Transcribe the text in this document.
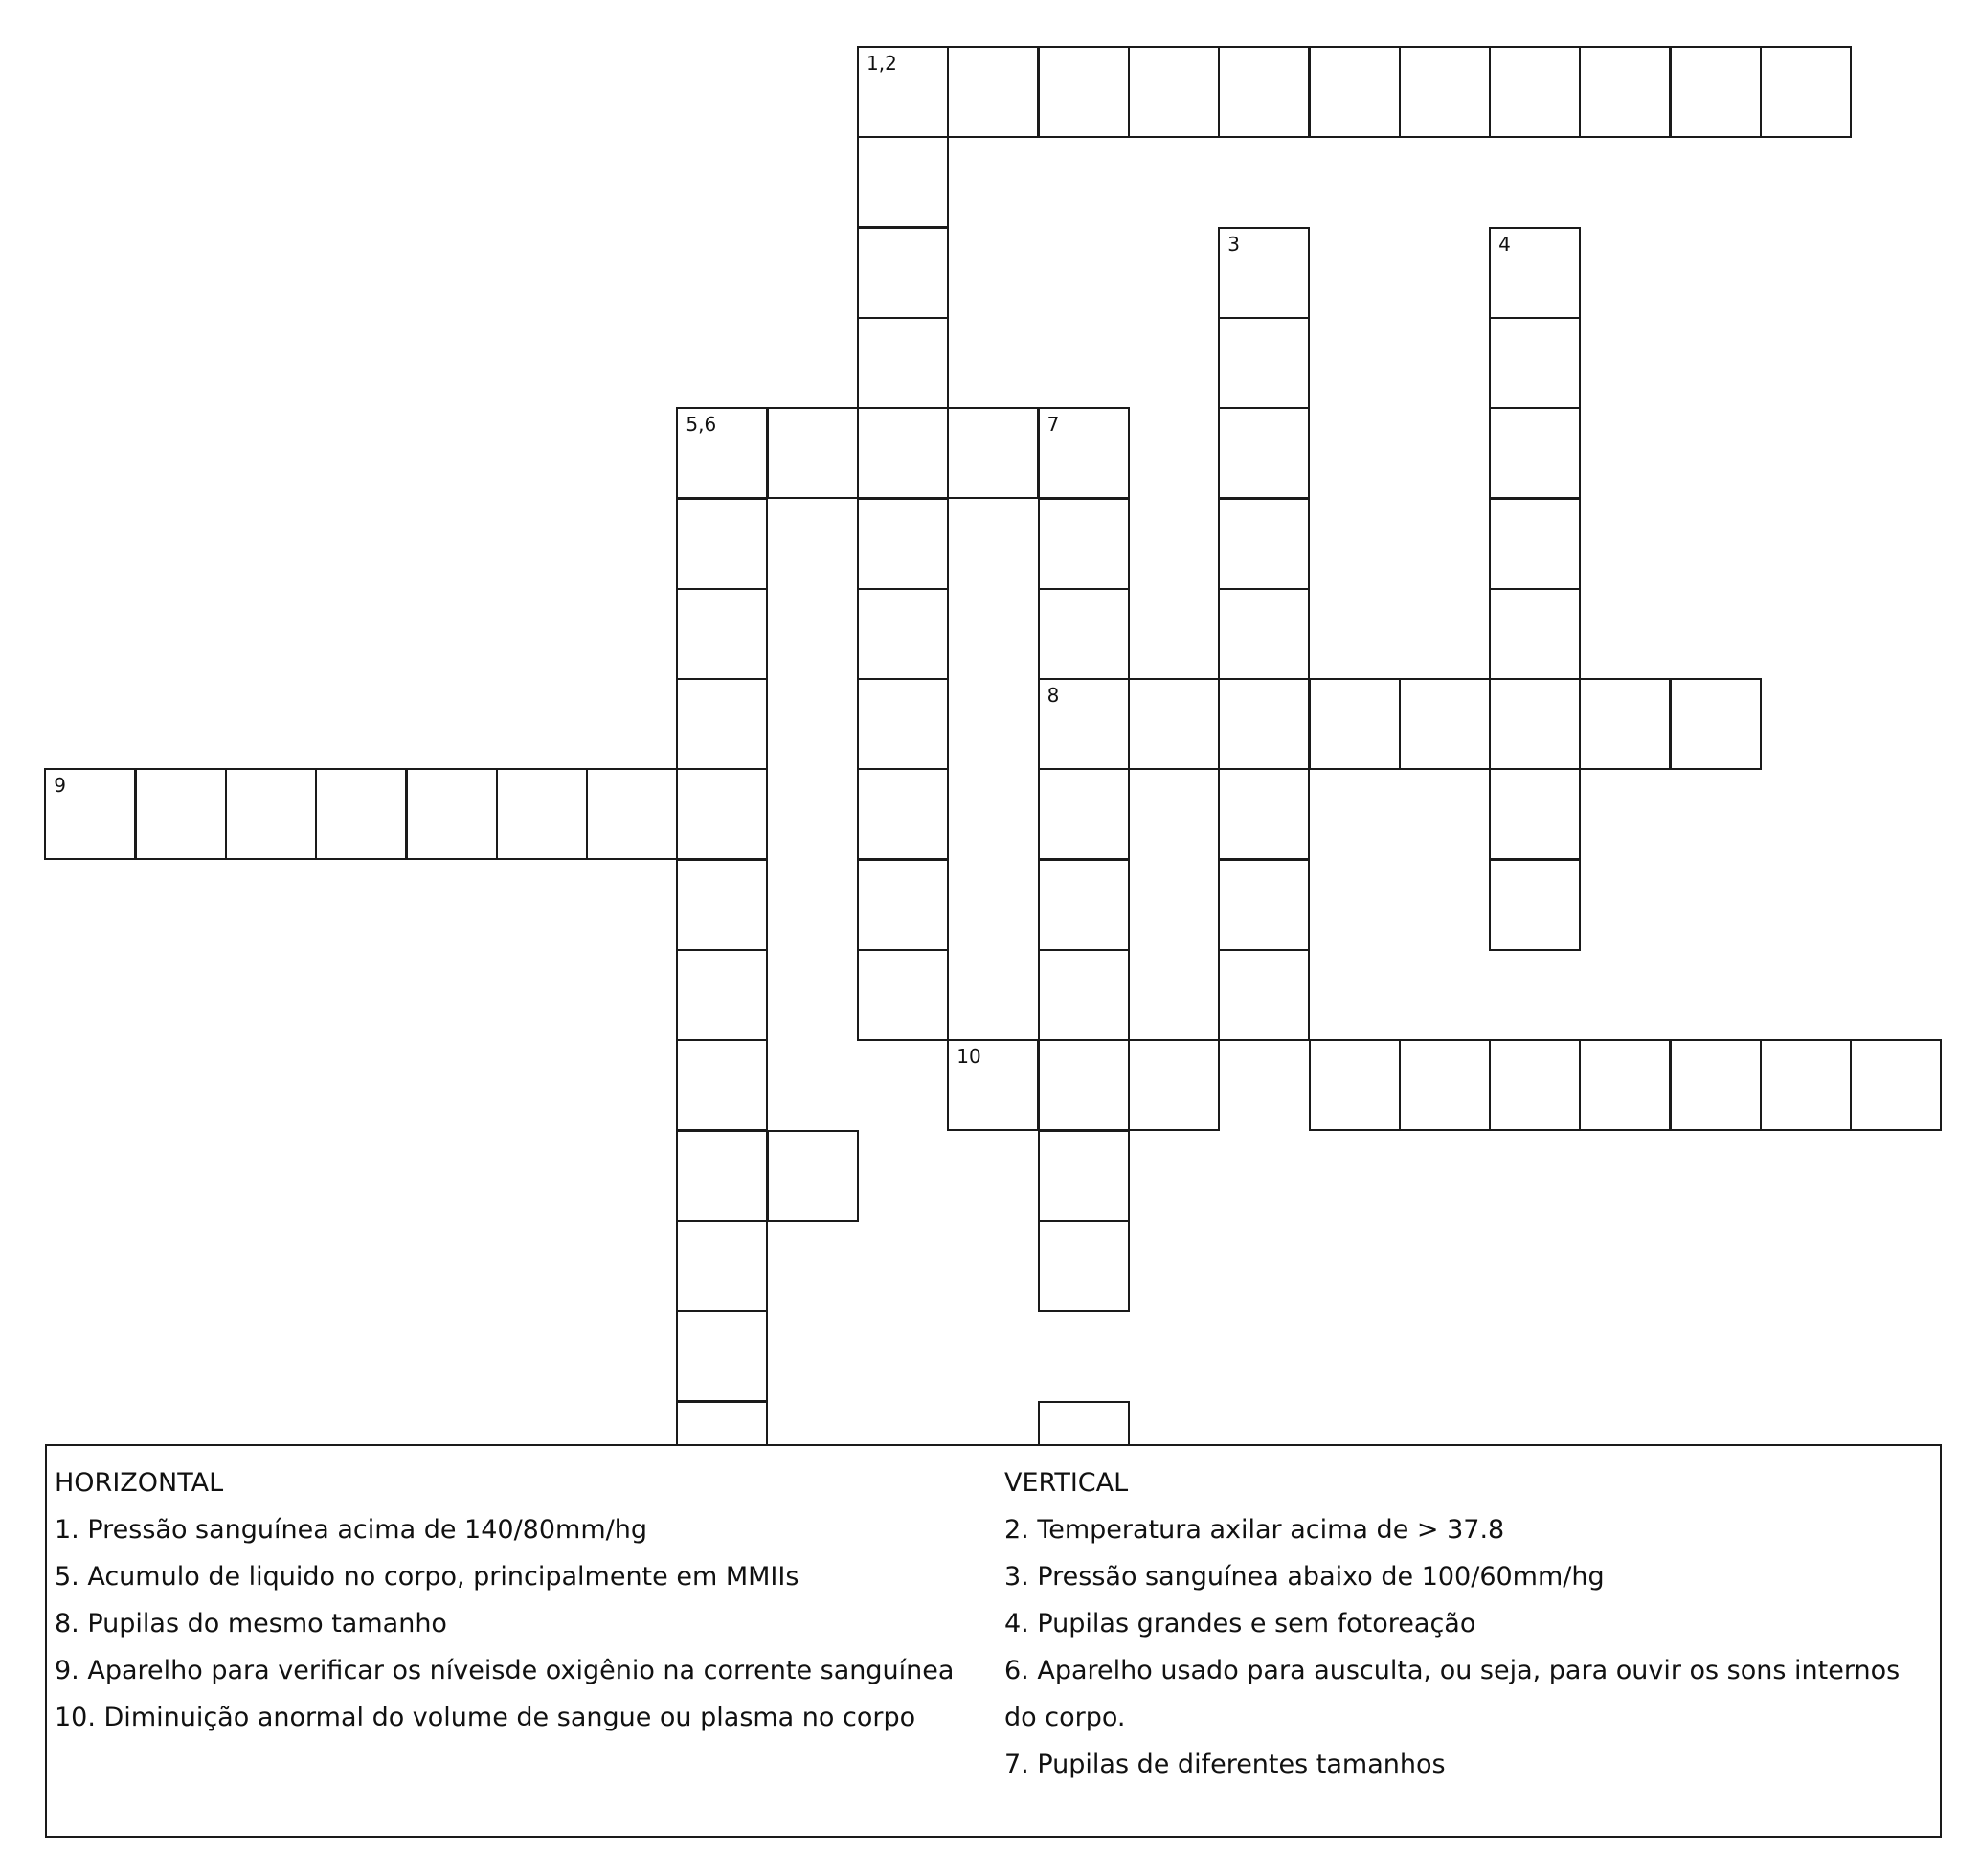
1,2
5,6
3	4
8
10
9
7
HORIZONTAL
1. Pressão sanguínea acima de 140/80mm/hg
5. Acumulo de liquido no corpo, principalmente em MMIIs
8. Pupilas do mesmo tamanho
9. Aparelho para verificar os níveisde oxigênio na corrente sanguínea
10. Diminuição anormal do volume de sangue ou plasma no corpo
VERTICAL
2. Temperatura axilar acima de > 37.8
3. Pressão sanguínea abaixo de 100/60mm/hg
4. Pupilas grandes e sem fotoreação
6. Aparelho usado para ausculta, ou seja, para ouvir os sons internos do corpo.
7. Pupilas de diferentes tamanhos
